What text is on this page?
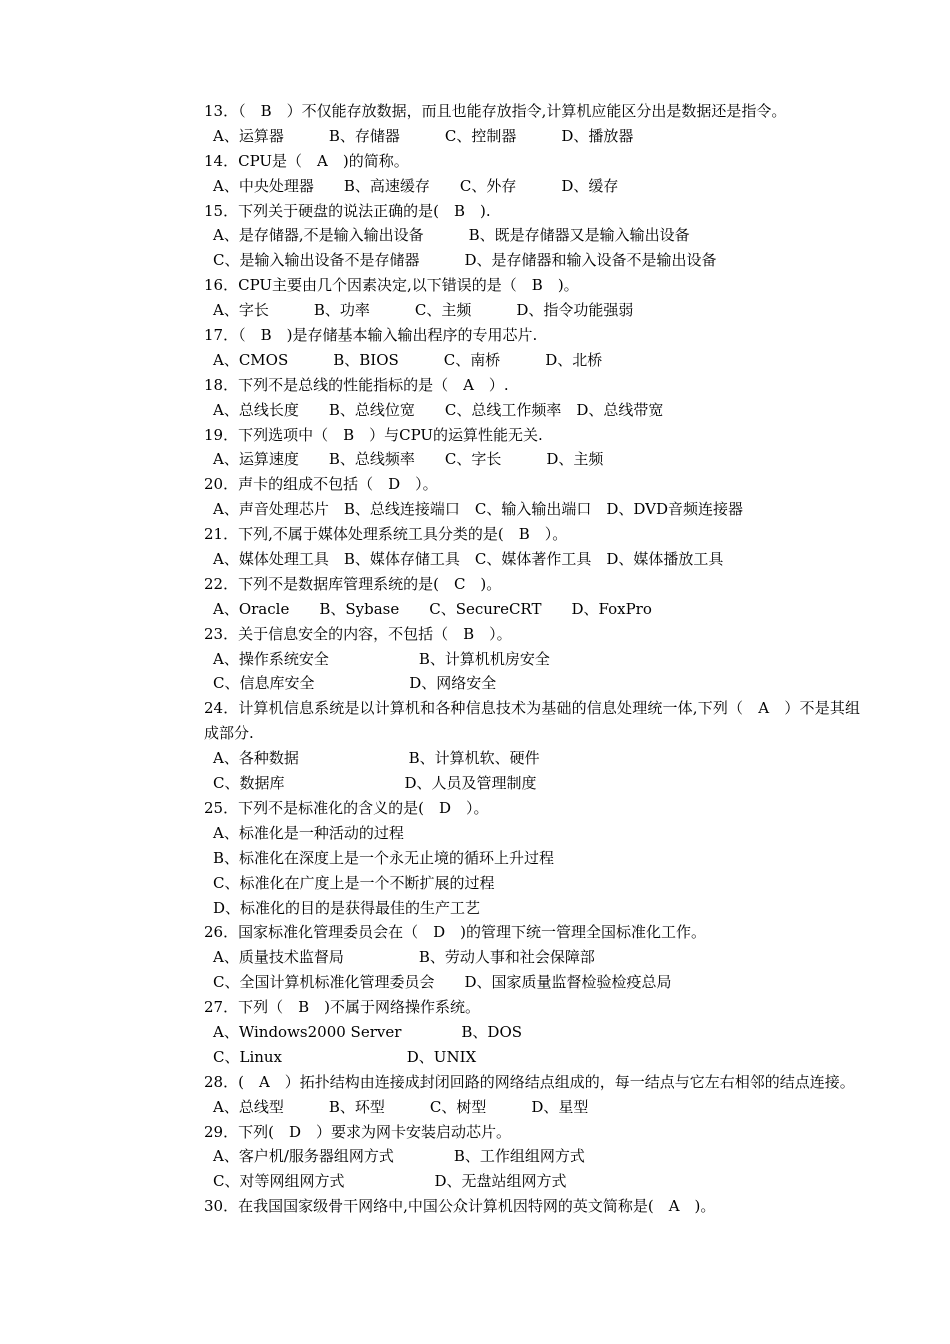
13．（　B　）不仅能存放数据，而且也能存放指令,计算机应能区分出是数据还是指令。
A、运算器　　　B、存储器　　　C、控制器　　　D、播放器
14．CPU是（　A　)的简称。
A、中央处理器　　B、高速缓存　　C、外存　　　D、缓存
15．下列关于硬盘的说法正确的是(　B　).
A、是存储器,不是输入输出设备　　　B、既是存储器又是输入输出设备
C、是输入输出设备不是存储器　　　D、是存储器和输入设备不是输出设备
16．CPU主要由几个因素决定,以下错误的是（　B　)。
A、字长　　　B、功率　　　C、主频　　　D、指令功能强弱
17．（　B　)是存储基本输入输出程序的专用芯片.
A、CMOS　　　B、BIOS　　　C、南桥　　　D、北桥
18．下列不是总线的性能指标的是（　A　）.
A、总线长度　　B、总线位宽　　C、总线工作频率　D、总线带宽
19．下列选项中（　B　）与CPU的运算性能无关.
A、运算速度　　B、总线频率　　C、字长　　　D、主频
20．声卡的组成不包括（　D　）。
A、声音处理芯片　B、总线连接端口　C、输入输出端口　D、DVD音频连接器
21．下列,不属于媒体处理系统工具分类的是(　B　）。
A、媒体处理工具　B、媒体存储工具　C、媒体著作工具　D、媒体播放工具
22．下列不是数据库管理系统的是(　C　)。
A、Oracle　　B、Sybase　　C、SecureCRT　　D、FoxPro
23．关于信息安全的内容，不包括（　B　）。
A、操作系统安全　　　　　　B、计算机机房安全
C、信息库安全　　　　　　 D、网络安全
24．计算机信息系统是以计算机和各种信息技术为基础的信息处理统一体,下列（　A　）不是其组成部分.
A、各种数据　　　　　　　 B、计算机软、硬件
C、数据库　　　　　　　　D、人员及管理制度
25．下列不是标准化的含义的是(　D　）。
A、标准化是一种活动的过程
B、标准化在深度上是一个永无止境的循环上升过程
C、标准化在广度上是一个不断扩展的过程
D、标准化的目的是获得最佳的生产工艺
26．国家标准化管理委员会在（　D　)的管理下统一管理全国标准化工作。
A、质量技术监督局　　　　　B、劳动人事和社会保障部
C、全国计算机标准化管理委员会　　D、国家质量监督检验检疫总局
27．下列（　B　)不属于网络操作系统。
A、Windows2000 Server　　　　B、DOS
C、Linux　　　　　　　　 D、UNIX
28．(　A　）拓扑结构由连接成封闭回路的网络结点组成的，每一结点与它左右相邻的结点连接。
A、总线型　　　B、环型　　　C、树型　　　D、星型
29．下列(　D　）要求为网卡安装启动芯片。
A、客户机/服务器组网方式　　　　B、工作组组网方式
C、对等网组网方式　　　　　　D、无盘站组网方式
30．在我国国家级骨干网络中,中国公众计算机因特网的英文简称是(　A　)。
